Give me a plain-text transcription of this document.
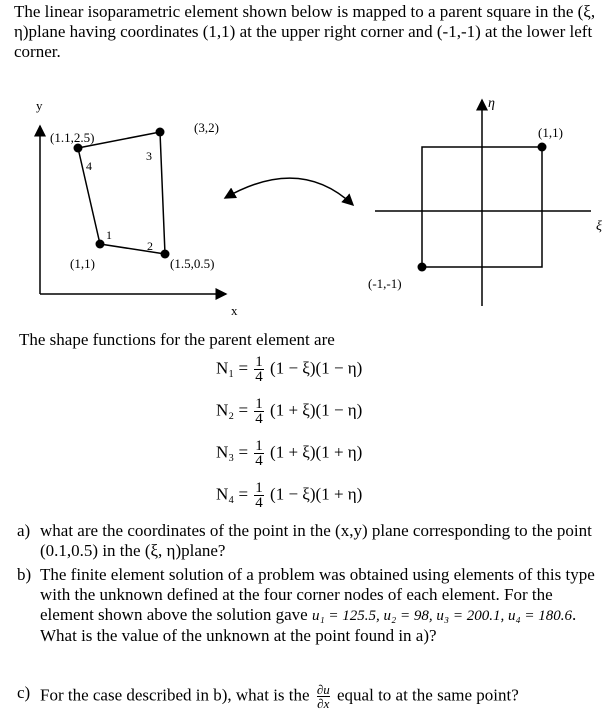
The linear isoparametric element shown below is mapped to a parent square in the (ξ, η)plane having coordinates (1,1) at the upper right corner and (-1,-1) at the lower left corner.

y
x
(1,1)	(1.5,0.5)
(3,2)
(1.1,2.5)
1
2
3
4
η
ξ
(1,1)
(-1,-1)
The shape functions for the parent element are
$N_1 = \frac{1}{4} (1 - \xi)(1 - \eta)$
$N_2 = \frac{1}{4} (1 + \xi)(1 - \eta)$
$N_3 = \frac{1}{4} (1 + \xi)(1 + \eta)$
$N_4 = \frac{1}{4} (1 - \xi)(1 + \eta)$
a) what are the coordinates of the point in the (x,y) plane corresponding to the point (0.1,0.5) in the (ξ, η)plane?
b) The finite element solution of a problem was obtained using elements of this type with the unknown defined at the four corner nodes of each element. For the element shown above the solution gave u₁ = 125.5, u₂ = 98, u₃ = 200.1, u₄ = 180.6. What is the value of the unknown at the point found in a)?
c) For the case described in b), what is the $\frac{\partial u}{\partial x}$ equal to at the same point?
